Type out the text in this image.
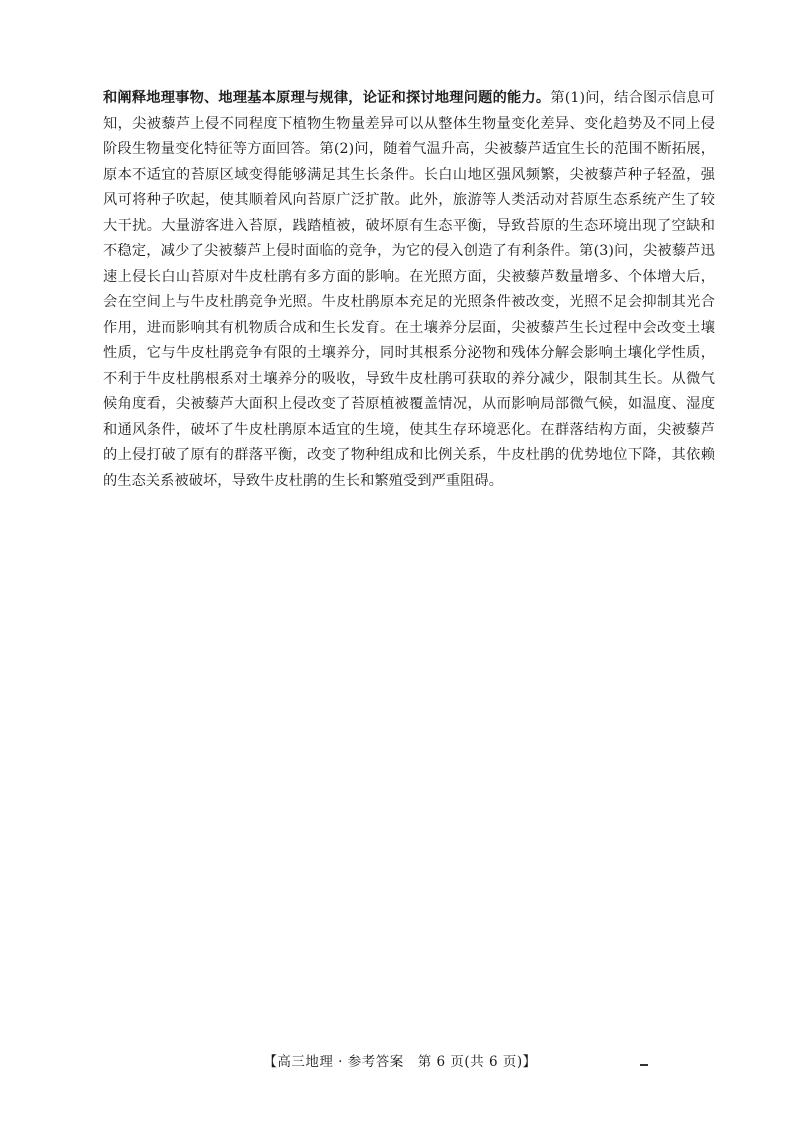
和阐释地理事物、地理基本原理与规律，论证和探讨地理问题的能力。第(1)问，结合图示信息可知，尖被藜芦上侵不同程度下植物生物量差异可以从整体生物量变化差异、变化趋势及不同上侵阶段生物量变化特征等方面回答。第(2)问，随着气温升高，尖被藜芦适宜生长的范围不断拓展，原本不适宜的苔原区域变得能够满足其生长条件。长白山地区强风频繁，尖被藜芦种子轻盈，强风可将种子吹起，使其顺着风向苔原广泛扩散。此外，旅游等人类活动对苔原生态系统产生了较大干扰。大量游客进入苔原，践踏植被，破坏原有生态平衡，导致苔原的生态环境出现了空缺和不稳定，减少了尖被藜芦上侵时面临的竞争，为它的侵入创造了有利条件。第(3)问，尖被藜芦迅速上侵长白山苔原对牛皮杜鹃有多方面的影响。在光照方面，尖被藜芦数量增多、个体增大后，会在空间上与牛皮杜鹃竞争光照。牛皮杜鹃原本充足的光照条件被改变，光照不足会抑制其光合作用，进而影响其有机物质合成和生长发育。在土壤养分层面，尖被藜芦生长过程中会改变土壤性质，它与牛皮杜鹃竞争有限的土壤养分，同时其根系分泌物和残体分解会影响土壤化学性质，不利于牛皮杜鹃根系对土壤养分的吸收，导致牛皮杜鹃可获取的养分减少，限制其生长。从微气候角度看，尖被藜芦大面积上侵改变了苔原植被覆盖情况，从而影响局部微气候，如温度、湿度和通风条件，破坏了牛皮杜鹃原本适宜的生境，使其生存环境恶化。在群落结构方面，尖被藜芦的上侵打破了原有的群落平衡，改变了物种组成和比例关系，牛皮杜鹃的优势地位下降，其依赖的生态关系被破坏，导致牛皮杜鹃的生长和繁殖受到严重阻碍。

【高三地理 · 参考答案　第 6 页(共 6 页)】
